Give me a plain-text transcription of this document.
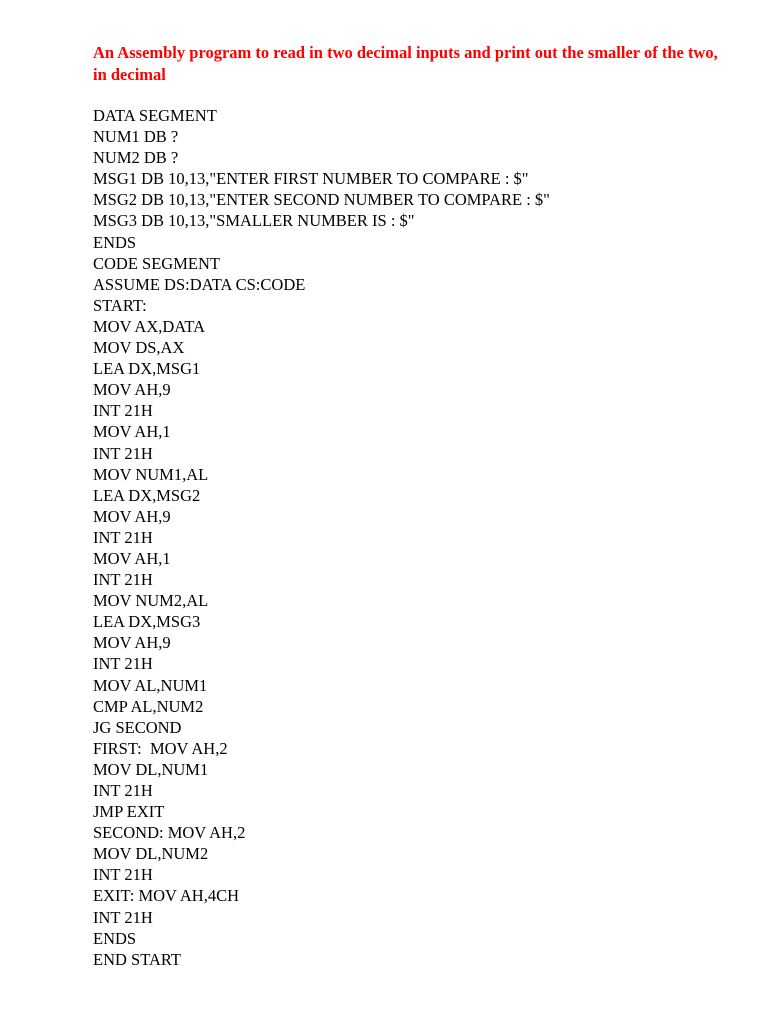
An Assembly program to read in two decimal inputs and print out the smaller of the two, in decimal

DATA SEGMENT
NUM1 DB ?
NUM2 DB ?
MSG1 DB 10,13,"ENTER FIRST NUMBER TO COMPARE : $"
MSG2 DB 10,13,"ENTER SECOND NUMBER TO COMPARE : $"
MSG3 DB 10,13,"SMALLER NUMBER IS : $"
ENDS
CODE SEGMENT
ASSUME DS:DATA CS:CODE
START:
MOV AX,DATA
MOV DS,AX
LEA DX,MSG1
MOV AH,9
INT 21H
MOV AH,1
INT 21H
MOV NUM1,AL
LEA DX,MSG2
MOV AH,9
INT 21H
MOV AH,1
INT 21H
MOV NUM2,AL
LEA DX,MSG3
MOV AH,9
INT 21H
MOV AL,NUM1
CMP AL,NUM2
JG SECOND
FIRST:  MOV AH,2
MOV DL,NUM1
INT 21H
JMP EXIT
SECOND: MOV AH,2
MOV DL,NUM2
INT 21H
EXIT: MOV AH,4CH
INT 21H
ENDS
END START
